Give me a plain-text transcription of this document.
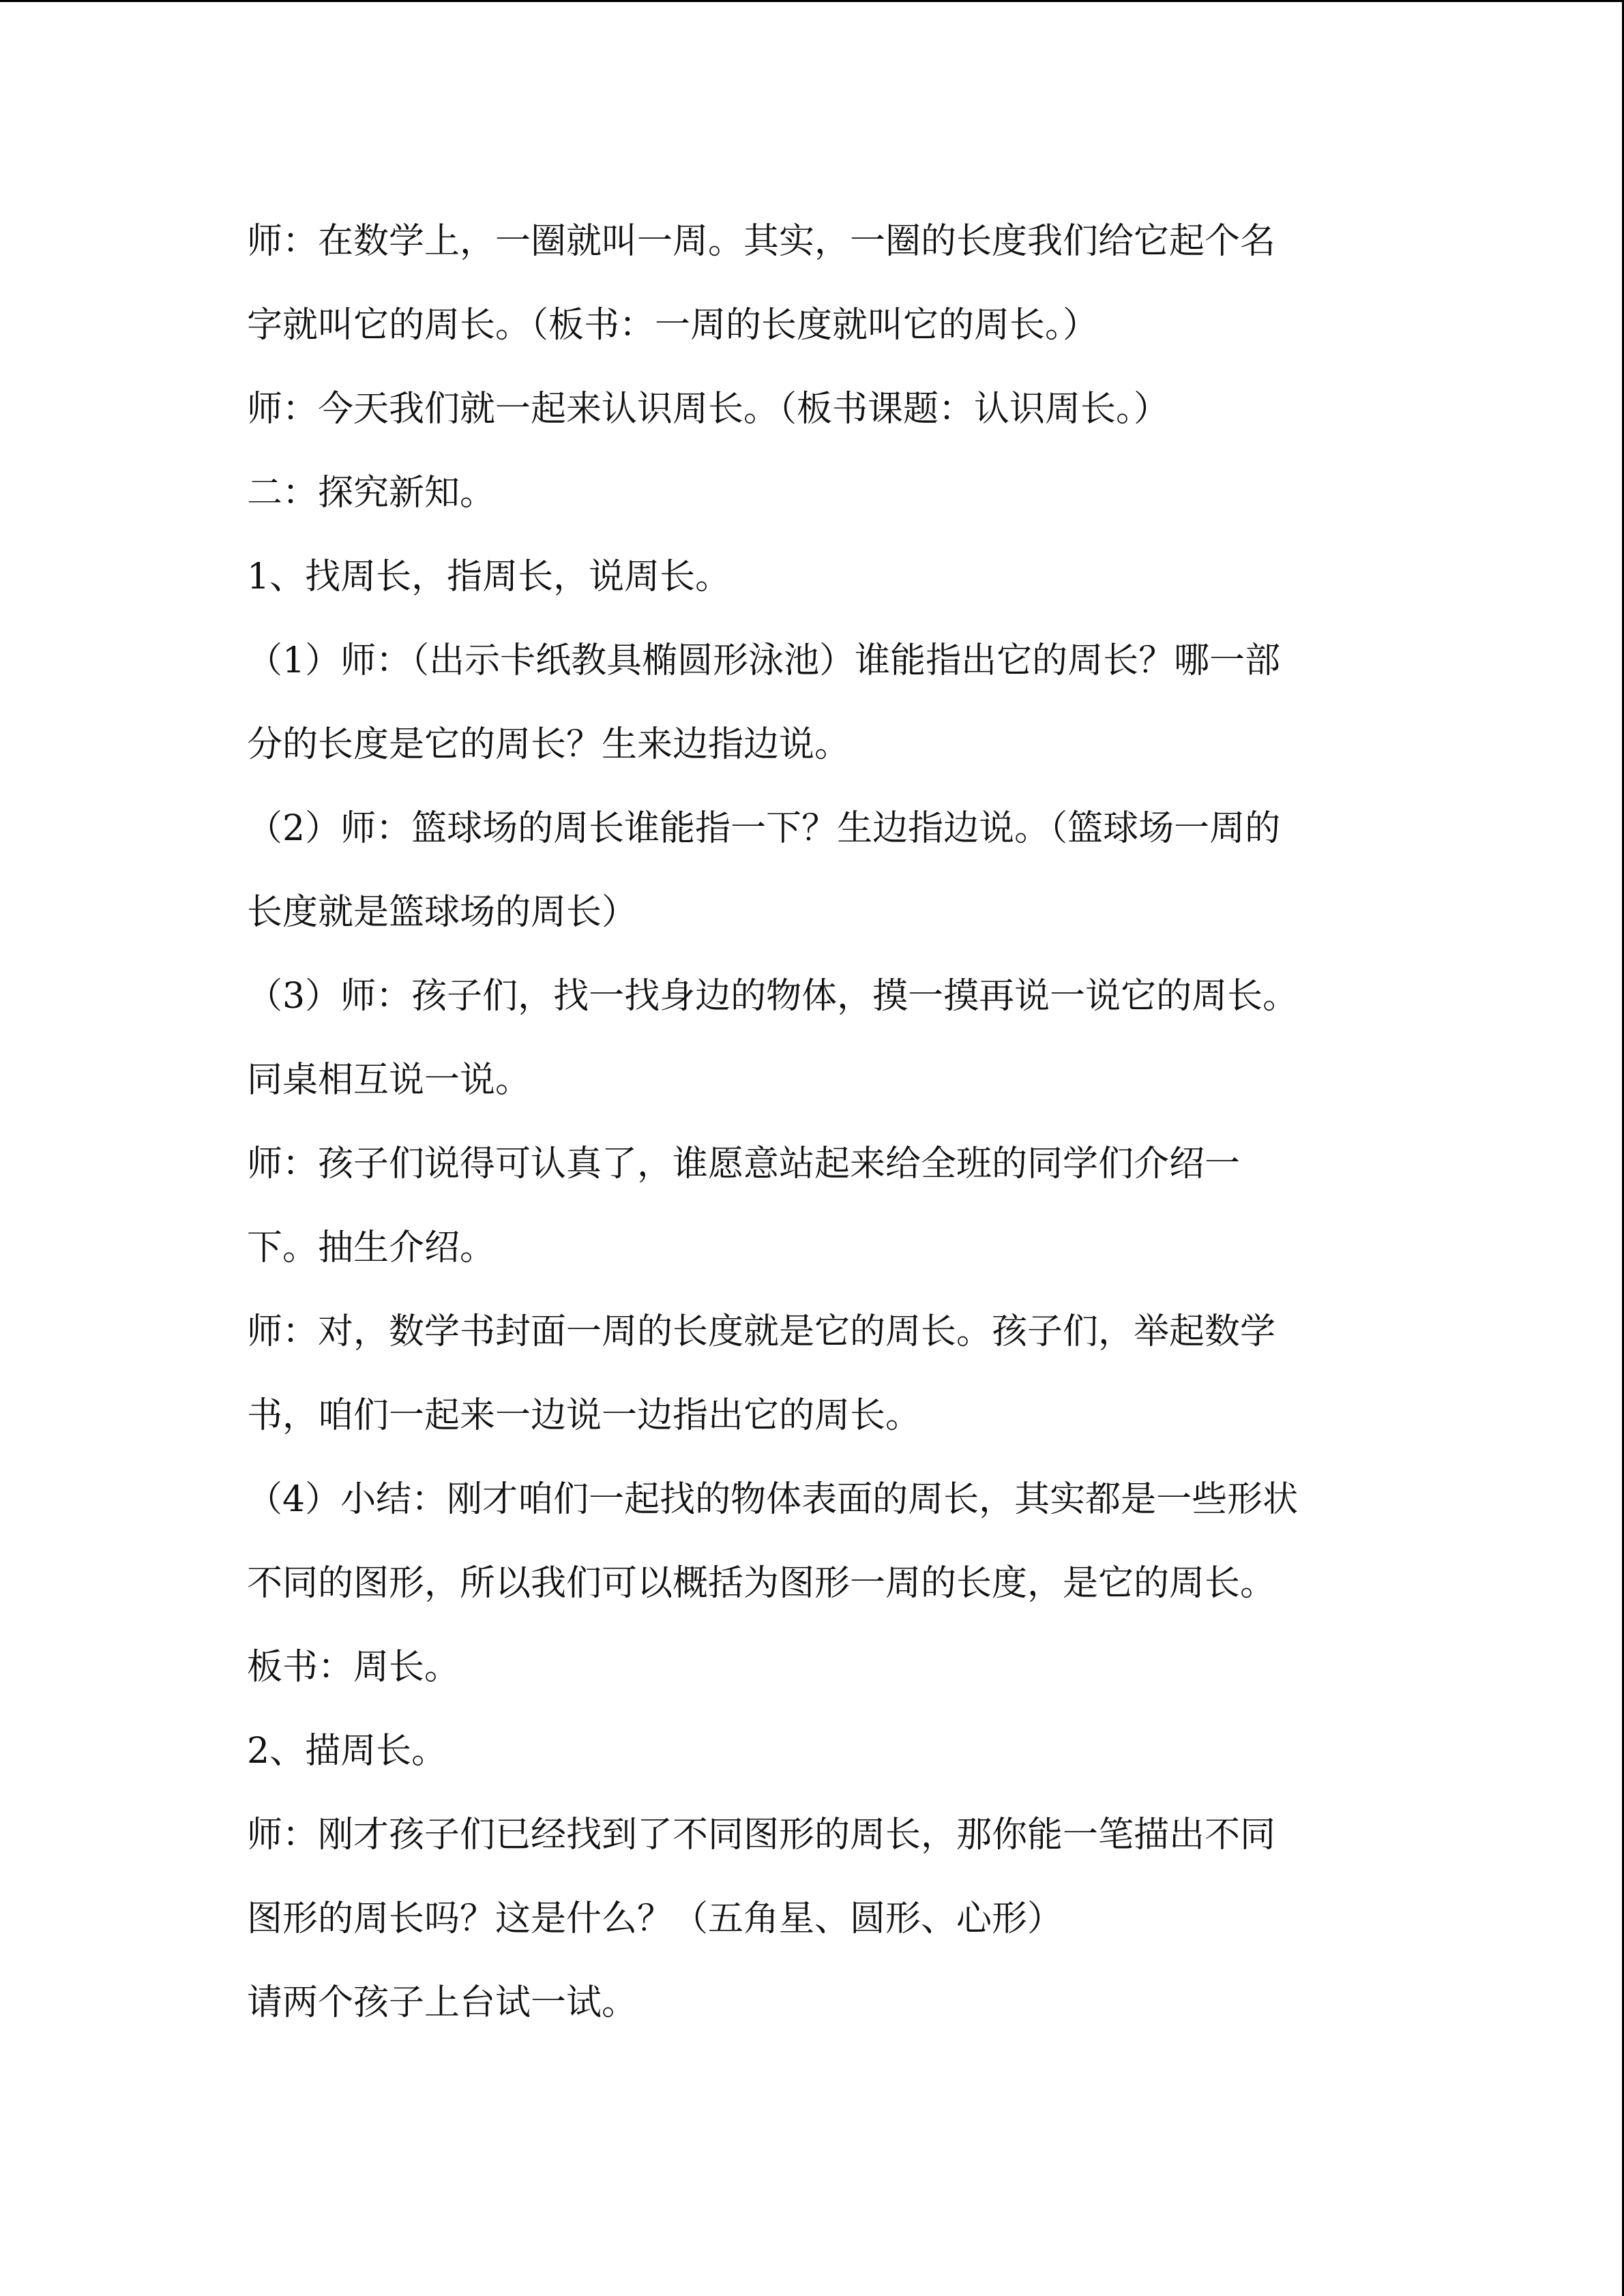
师：在数学上，一圈就叫一周。其实，一圈的长度我们给它起个名

字就叫它的周长。（板书：一周的长度就叫它的周长。）

师：今天我们就一起来认识周长。（板书课题：认识周长。）

二：探究新知。

1、找周长，指周长，说周长。

（1）师：（出示卡纸教具椭圆形泳池）谁能指出它的周长？哪一部

分的长度是它的周长？生来边指边说。

（2）师：篮球场的周长谁能指一下？生边指边说。（篮球场一周的

长度就是篮球场的周长）

（3）师：孩子们，找一找身边的物体，摸一摸再说一说它的周长。

同桌相互说一说。

师：孩子们说得可认真了，谁愿意站起来给全班的同学们介绍一

下。抽生介绍。

师：对，数学书封面一周的长度就是它的周长。孩子们，举起数学

书，咱们一起来一边说一边指出它的周长。

（4）小结：刚才咱们一起找的物体表面的周长，其实都是一些形状

不同的图形，所以我们可以概括为图形一周的长度，是它的周长。

板书：周长。

2、描周长。

师：刚才孩子们已经找到了不同图形的周长，那你能一笔描出不同

图形的周长吗？这是什么？（五角星、圆形、心形）

请两个孩子上台试一试。
